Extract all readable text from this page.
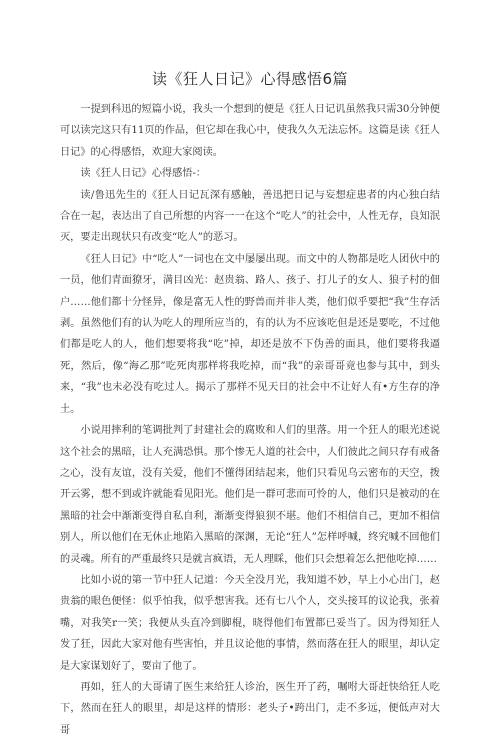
读《狂人日记》心得感悟6篇

一提到科迅的短篇小说，我头一个想到的便是《狂人日记讥虽然我只需30分钟便可以读完这只有11页的作品，但它却在我心中，使我久久无法忘怀。这篇是读《狂人日记》的心得感悟，欢迎大家阅读。

读《狂人日记》心得感悟-：

读/鲁迅先生的《狂人日记瓦深有感触，善迅把日记与妄想症患者的内心独白结合在一起，表达出了自己所想的内容一一在这个“吃人”的社会中，人性无存，良知泯灭，要走出现状只有改变“吃人”的恶习。

《狂人日记》中“吃人”一词也在文中屡屡出现。而文中的人物都是吃人团伙中的一员，他们青面獠牙，满目凶光：赵贵翁、路人、孩子、打儿子的女人、狼子村的佃户……他们都十分怪异，像是富无人性的野兽而并非人类，他们似乎要把“我”生存活剥。虽然他们有的认为吃人的理所应当的，有的认为不应该吃但是还是要吃，不过他们都是吃人的人，他们想要将我“吃”掉，却还是放不下伪善的面具，他们要将我逼死，然后，像“海乙那”吃死肉那样将我吃掉，而“我”的亲哥哥竟也参与其中，到头来，“我”也未必没有吃过人。揭示了那样不见天日的社会中不让好人有•方生存的净土。

小说用摔利的笔调批判了封建社会的腐败和人们的里落。用一个狂人的眼光述说这个社会的黑暗，让人充满恐惧。那个惨无人道的社会中，人们彼此之间只存有戒备之心，没有友谊，没有关爱，他们不懂得团结起来，他们只看见乌云密布的天空，拨开云雾，想不到或许就能看见阳光。他们是一群可悲而可怜的人，他们只是被动的在黑暗的社会中渐渐变得自私自利，渐渐变得狼狈不堪。他们不相信自己，更加不相信别人，所以他们在无休止地陷入黑暗的深渊，无论“狂人”怎样呼喊，终究喊不回他们的灵魂。所有的严重最终只是就言疯语，无人理睬，他们只会想着怎么把他吃掉……

比如小说的第一节中狂人记道：今天全没月光，我知道不妙，早上小心出门，赵贵翁的眼色便怪：似乎怕我，似乎想害我。还有七八个人，交头接耳的议论我，张着嘴，对我笑r一笑；我便从头直冷到脚棍，晓得他们布置都已妥当了。因为得知狂人发了狂，因此大家对他有些害怕，并且议论他的事情，然而落在狂人的眼里，却认定是大家谋划好了，要亩了他了。

再如，狂人的大哥请了医生来给狂人诊治，医生开了药，嘱咐大哥赶快给狂人吃下，然而在狂人的眼里，却是这样的情形：老头子•跨出门，走不多远，便低声对大哥
